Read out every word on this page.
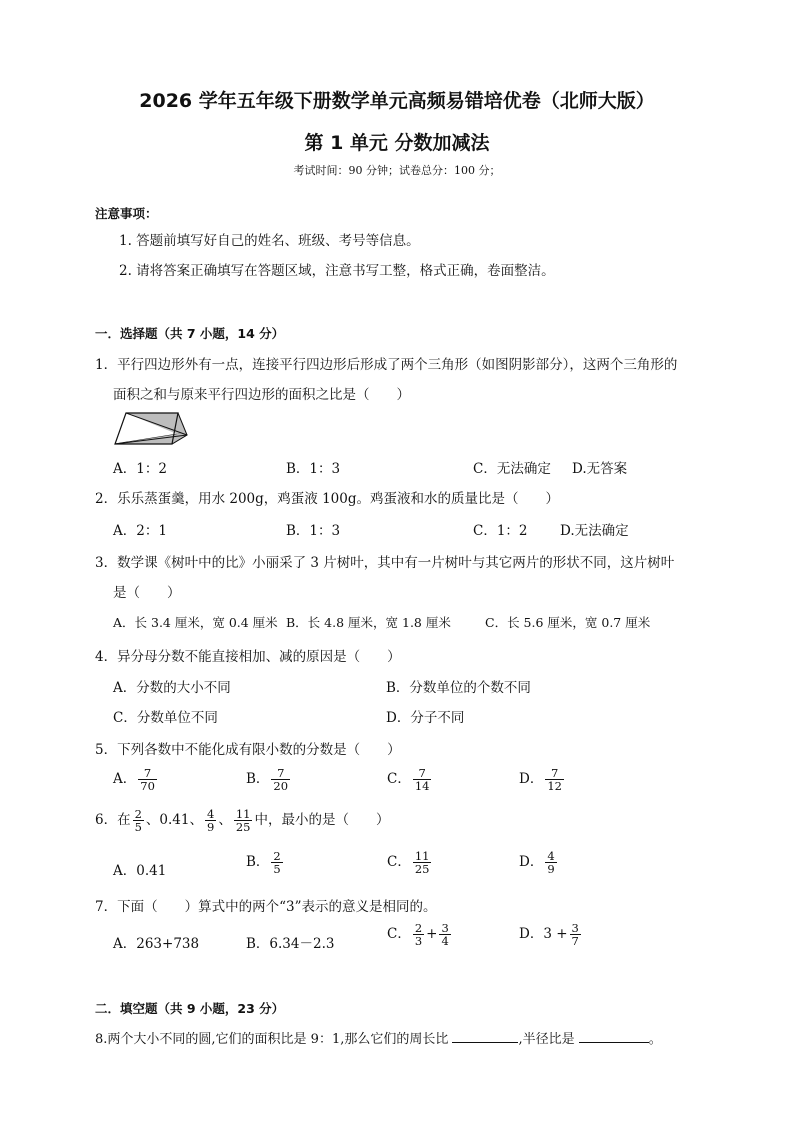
2026 学年五年级下册数学单元高频易错培优卷（北师大版）
第 1 单元 分数加减法
考试时间：90 分钟；试卷总分：100 分；
注意事项：
1. 答题前填写好自己的姓名、班级、考号等信息。
2. 请将答案正确填写在答题区域，注意书写工整，格式正确，卷面整洁。
一．选择题（共 7 小题，14 分）
1．平行四边形外有一点，连接平行四边形后形成了两个三角形（如图阴影部分），这两个三角形的
面积之和与原来平行四边形的面积之比是（　　）
A．1：2	B．1：3	C．无法确定 D.无答案
2．乐乐蒸蛋羹，用水 200g，鸡蛋液 100g。鸡蛋液和水的质量比是（　　）
A．2：1	B．1：3	C．1：2 D.无法确定
3．数学课《树叶中的比》小丽采了 3 片树叶，其中有一片树叶与其它两片的形状不同，这片树叶
是（　　）
A．长 3.4 厘米，宽 0.4 厘米 B．长 4.8 厘米，宽 1.8 厘米	C．长 5.6 厘米，宽 0.7 厘米
4．异分母分数不能直接相加、减的原因是（　　）
A．分数的大小不同	B．分数单位的个数不同
C．分数单位不同	D．分子不同
5．下列各数中不能化成有限小数的分数是（　　）
A． $\frac{7}{70}$	B． $\frac{7}{20}$	C． $\frac{7}{14}$	D． $\frac{7}{12}$
6．在 $\frac{2}{5}$ 、0.41、 $\frac{4}{9}$ 、 $\frac{11}{25}$ 中，最小的是（　　）
A．0.41
B． $\frac{2}{5}$	C． $\frac{11}{25}$	D． $\frac{4}{9}$
7．下面（　　）算式中的两个“3”表示的意义是相同的。
A．263+738	B．6.34－2.3
C． $\frac{2}{3} + \frac{3}{4}$	D．$3 + \frac{3}{7}$
二．填空题（共 9 小题，23 分）
8.两个大小不同的圆,它们的面积比是 9：1,那么它们的周长比	,半径比是	。
